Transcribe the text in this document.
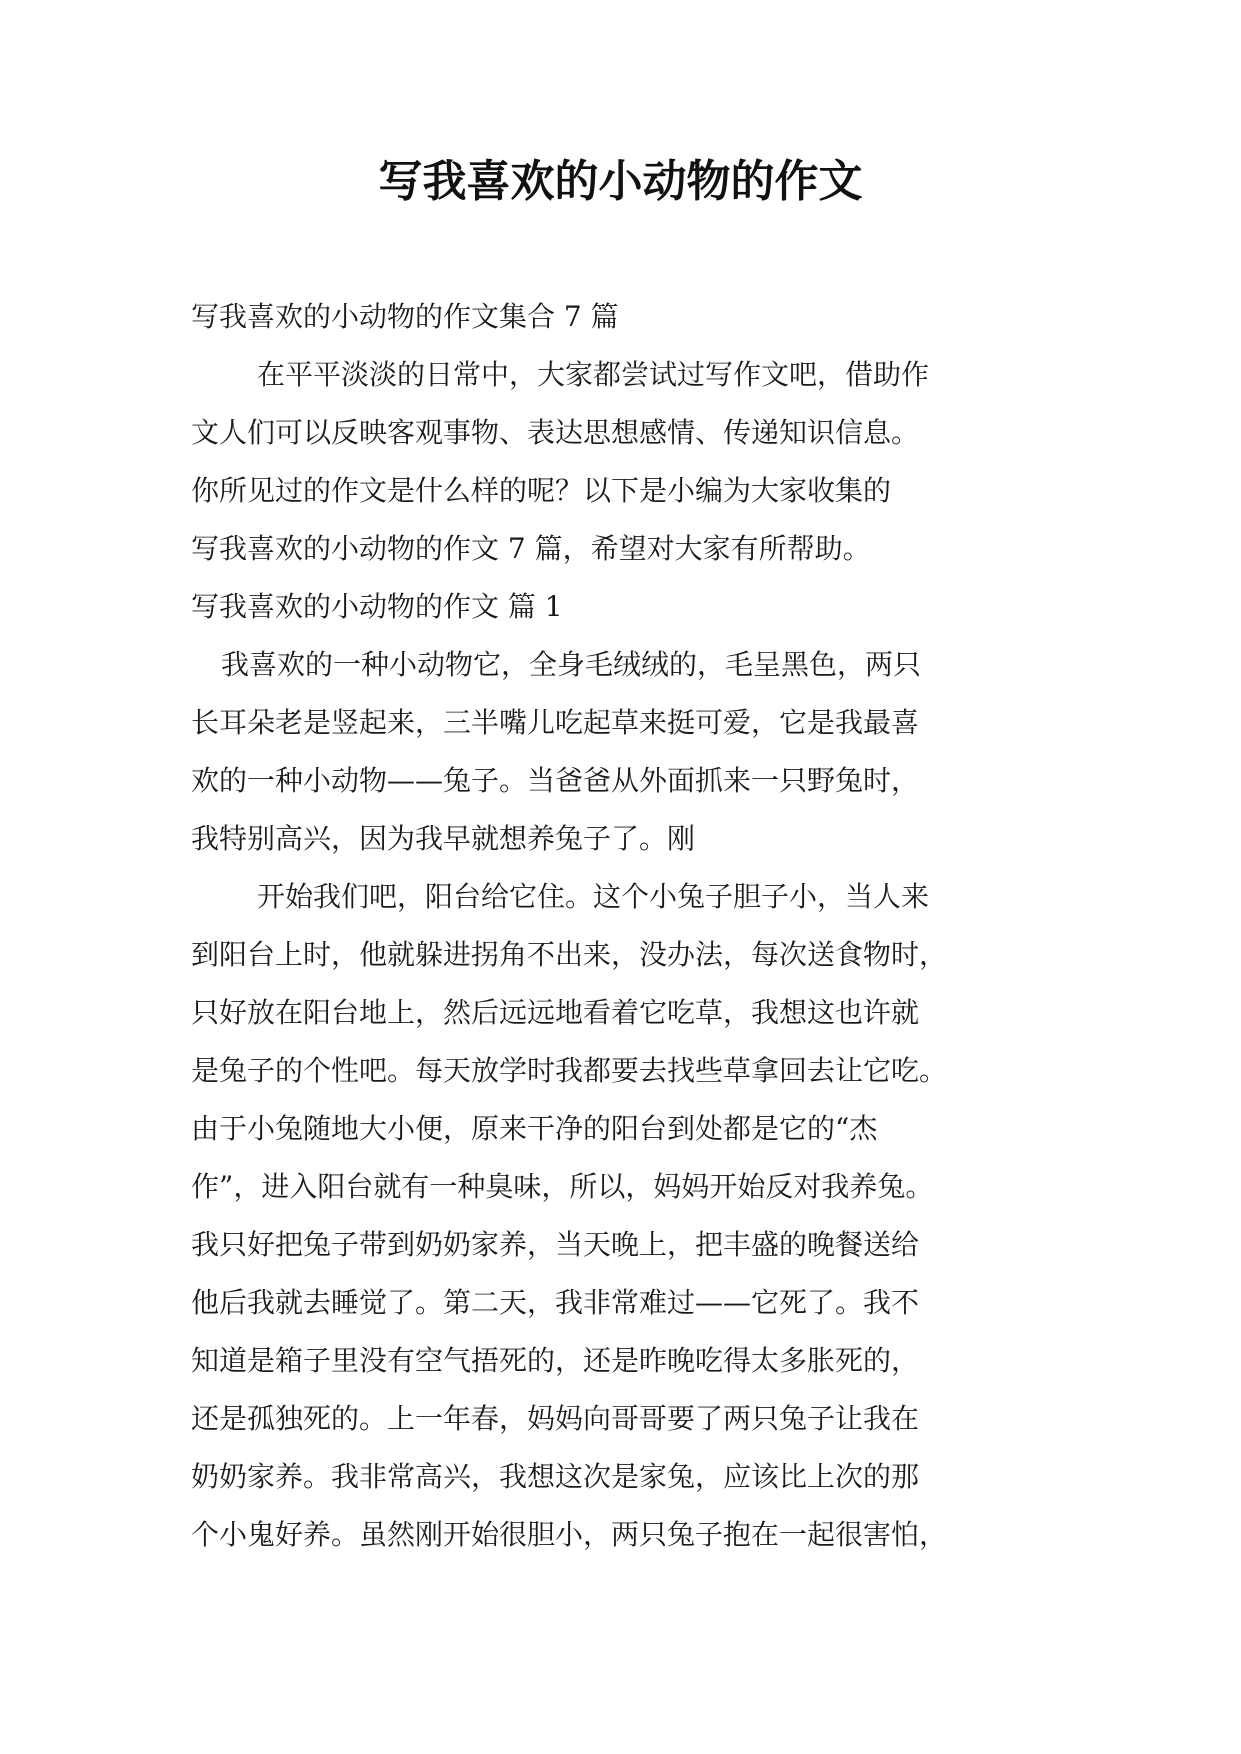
写我喜欢的小动物的作文

写我喜欢的小动物的作文集合 7 篇

在平平淡淡的日常中，大家都尝试过写作文吧，借助作

文人们可以反映客观事物、表达思想感情、传递知识信息。

你所见过的作文是什么样的呢？以下是小编为大家收集的

写我喜欢的小动物的作文 7 篇，希望对大家有所帮助。

写我喜欢的小动物的作文 篇 1

我喜欢的一种小动物它，全身毛绒绒的，毛呈黑色，两只

长耳朵老是竖起来，三半嘴儿吃起草来挺可爱，它是我最喜

欢的一种小动物——兔子。当爸爸从外面抓来一只野兔时，

我特别高兴，因为我早就想养兔子了。刚

开始我们吧，阳台给它住。这个小兔子胆子小，当人来

到阳台上时，他就躲进拐角不出来，没办法，每次送食物时，

只好放在阳台地上，然后远远地看着它吃草，我想这也许就

是兔子的个性吧。每天放学时我都要去找些草拿回去让它吃。

由于小兔随地大小便，原来干净的阳台到处都是它的“杰

作”，进入阳台就有一种臭味，所以，妈妈开始反对我养兔。

我只好把兔子带到奶奶家养，当天晚上，把丰盛的晚餐送给

他后我就去睡觉了。第二天，我非常难过——它死了。我不

知道是箱子里没有空气捂死的，还是昨晚吃得太多胀死的，

还是孤独死的。上一年春，妈妈向哥哥要了两只兔子让我在

奶奶家养。我非常高兴，我想这次是家兔，应该比上次的那

个小鬼好养。虽然刚开始很胆小，两只兔子抱在一起很害怕，
